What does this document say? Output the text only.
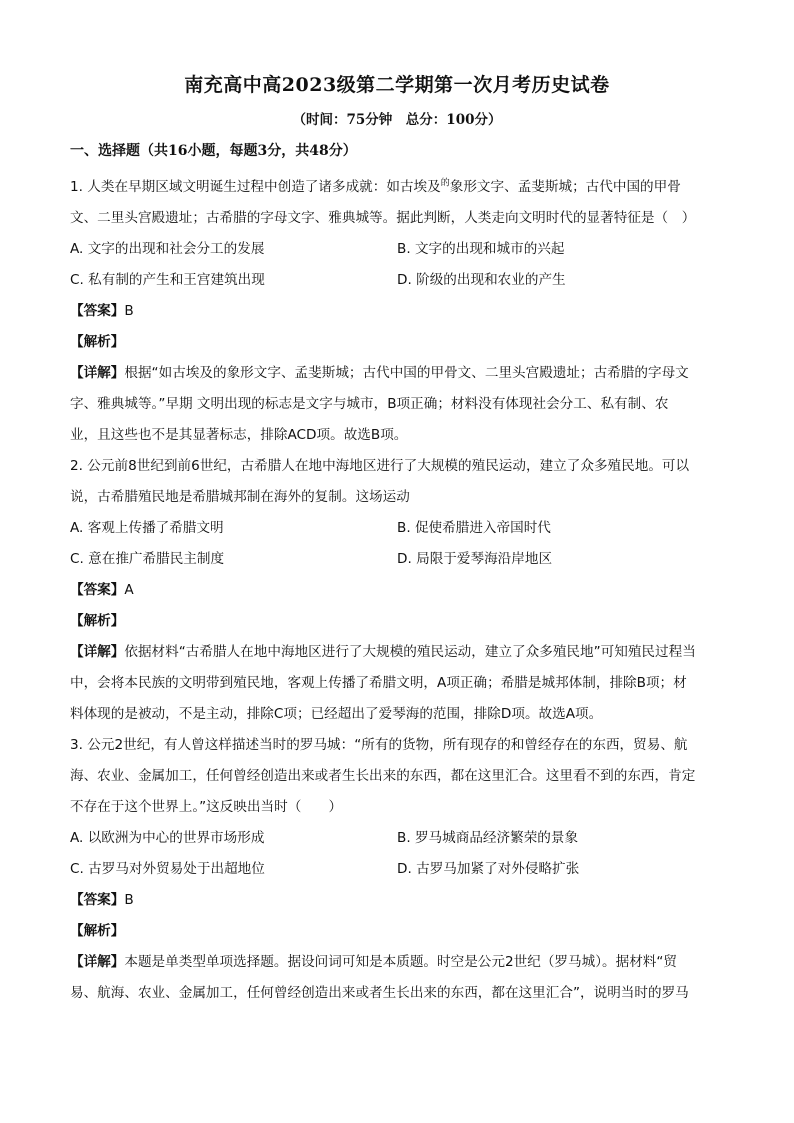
南充高中高2023级第二学期第一次月考历史试卷
（时间：75分钟　总分：100分）
一、选择题（共16小题，每题3分，共48分）
1. 人类在早期区域文明诞生过程中创造了诸多成就：如古埃及$^的$象形文字、孟斐斯城；古代中国的甲骨
文、二里头宫殿遗址；古希腊的字母文字、雅典城等。据此判断，人类走向文明时代的显著特征是（　）
A. 文字的出现和社会分工的发展	B. 文字的出现和城市的兴起
C. 私有制的产生和王宫建筑出现	D. 阶级的出现和农业的产生
【答案】B
【解析】
【详解】根据“如古埃及的象形文字、孟斐斯城；古代中国的甲骨文、二里头宫殿遗址；古希腊的字母文
字、雅典城等。”早期 文明出现的标志是文字与城市，B项正确；材料没有体现社会分工、私有制、农
业，且这些也不是其显著标志，排除ACD项。故选B项。
2. 公元前8世纪到前6世纪，古希腊人在地中海地区进行了大规模的殖民运动，建立了众多殖民地。可以
说，古希腊殖民地是希腊城邦制在海外的复制。这场运动
A. 客观上传播了希腊文明	B. 促使希腊进入帝国时代
C. 意在推广希腊民主制度	D. 局限于爱琴海沿岸地区
【答案】A
【解析】
【详解】依据材料“古希腊人在地中海地区进行了大规模的殖民运动，建立了众多殖民地”可知殖民过程当
中，会将本民族的文明带到殖民地，客观上传播了希腊文明，A项正确；希腊是城邦体制，排除B项；材
料体现的是被动，不是主动，排除C项；已经超出了爱琴海的范围，排除D项。故选A项。
3. 公元2世纪，有人曾这样描述当时的罗马城：“所有的货物，所有现存的和曾经存在的东西，贸易、航
海、农业、金属加工，任何曾经创造出来或者生长出来的东西，都在这里汇合。这里看不到的东西，肯定
不存在于这个世界上。”这反映出当时（　　）
A. 以欧洲为中心的世界市场形成	B. 罗马城商品经济繁荣的景象
C. 古罗马对外贸易处于出超地位	D. 古罗马加紧了对外侵略扩张
【答案】B
【解析】
【详解】本题是单类型单项选择题。据设问词可知是本质题。时空是公元2世纪（罗马城）。据材料“贸
易、航海、农业、金属加工，任何曾经创造出来或者生长出来的东西，都在这里汇合”，说明当时的罗马
